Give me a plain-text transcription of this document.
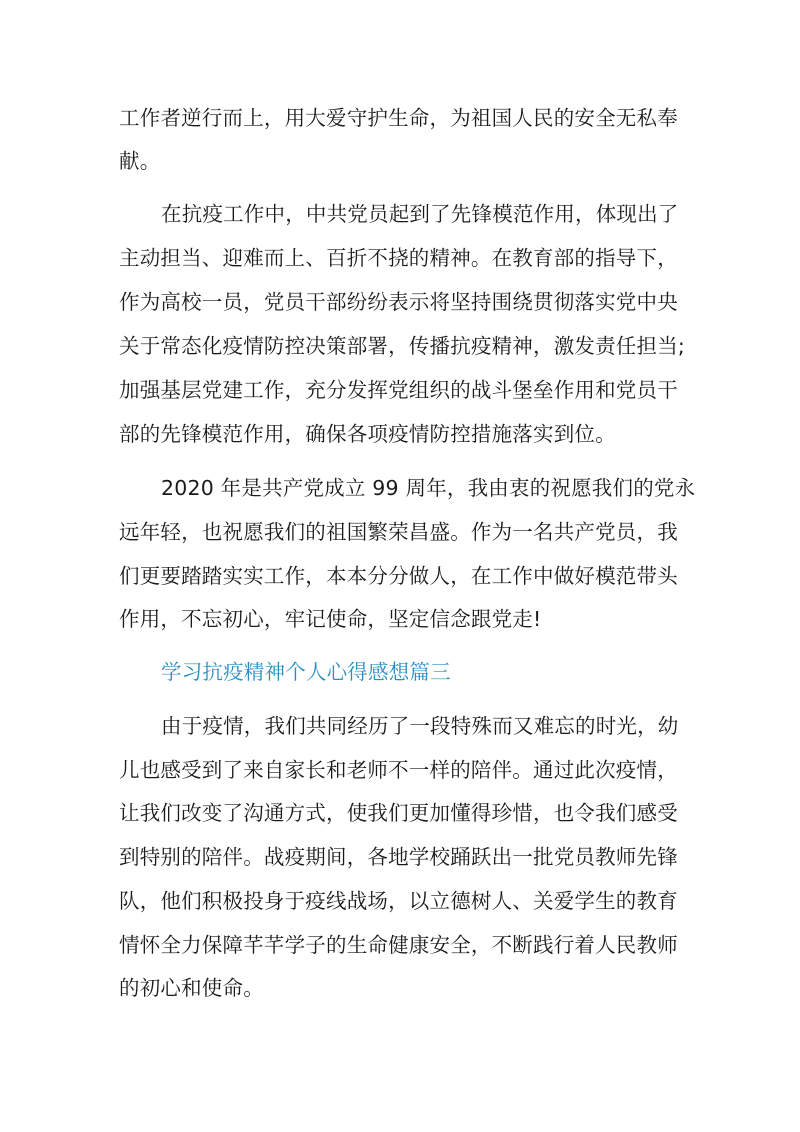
工作者逆行而上，用大爱守护生命，为祖国人民的安全无私奉
献。
在抗疫工作中，中共党员起到了先锋模范作用，体现出了
主动担当、迎难而上、百折不挠的精神。在教育部的指导下，
作为高校一员，党员干部纷纷表示将坚持围绕贯彻落实党中央
关于常态化疫情防控决策部署，传播抗疫精神，激发责任担当;
加强基层党建工作，充分发挥党组织的战斗堡垒作用和党员干
部的先锋模范作用，确保各项疫情防控措施落实到位。
2020 年是共产党成立 99 周年，我由衷的祝愿我们的党永
远年轻，也祝愿我们的祖国繁荣昌盛。作为一名共产党员，我
们更要踏踏实实工作，本本分分做人，在工作中做好模范带头
作用，不忘初心，牢记使命，坚定信念跟党走!
学习抗疫精神个人心得感想篇三
由于疫情，我们共同经历了一段特殊而又难忘的时光，幼
儿也感受到了来自家长和老师不一样的陪伴。通过此次疫情，
让我们改变了沟通方式，使我们更加懂得珍惜，也令我们感受
到特别的陪伴。战疫期间，各地学校踊跃出一批党员教师先锋
队，他们积极投身于疫线战场，以立德树人、关爱学生的教育
情怀全力保障芊芊学子的生命健康安全，不断践行着人民教师
的初心和使命。
